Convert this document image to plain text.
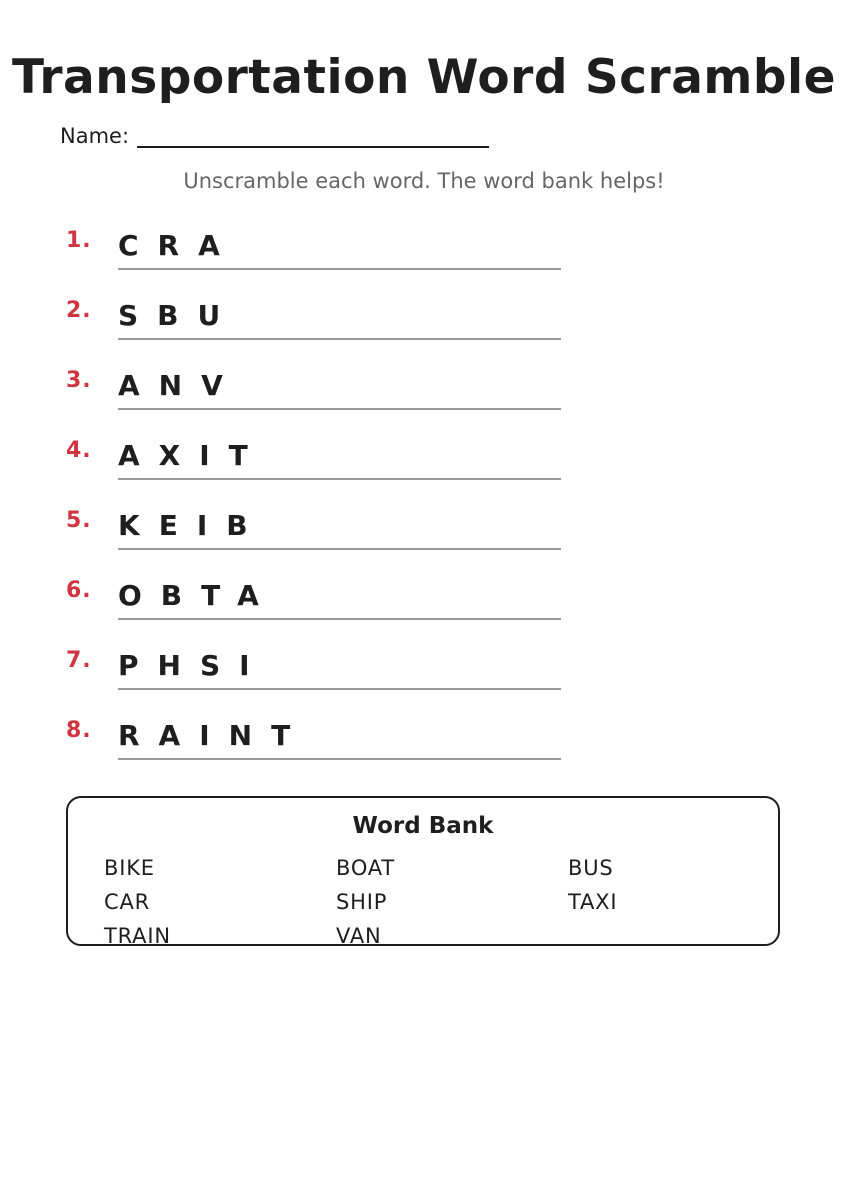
Transportation Word Scramble
Name:
Unscramble each word. The word bank helps!
1. CRA
2. SBU
3. ANV
4. AXIT
5. KEIB
6. OBTA
7. PHSI
8. RAINT
Word Bank
BIKE	BOAT	BUS
CAR	SHIP	TAXI
TRAIN	VAN
